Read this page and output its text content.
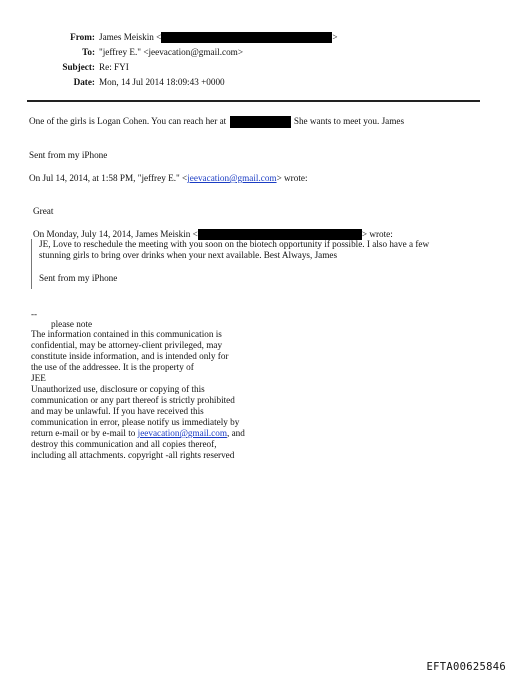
From: James Meiskin <	>
To: "jeffrey E." <jeevacation@gmail.com>
Subject: Re: FYI
Date: Mon, 14 Jul 2014 18:09:43 +0000
One of the girls is Logan Cohen. You can reach her at	She wants to meet you. James
Sent from my iPhone
On Jul 14, 2014, at 1:58 PM, "jeffrey E." <jeevacation@gmail.com> wrote:
Great
On Monday, July 14, 2014, James Meiskin <	> wrote:
JE, Love to reschedule the meeting with you soon on the biotech opportunity if possible. I also have a few
stunning girls to bring over drinks when your next available. Best Always, James
Sent from my iPhone
--
please note
The information contained in this communication is
confidential, may be attorney-client privileged, may
constitute inside information, and is intended only for
the use of the addressee. It is the property of
JEE
Unauthorized use, disclosure or copying of this
communication or any part thereof is strictly prohibited
and may be unlawful. If you have received this
communication in error, please notify us immediately by
return e-mail or by e-mail to jeevacation@gmail.com, and
destroy this communication and all copies thereof,
including all attachments. copyright -all rights reserved
EFTA00625846
